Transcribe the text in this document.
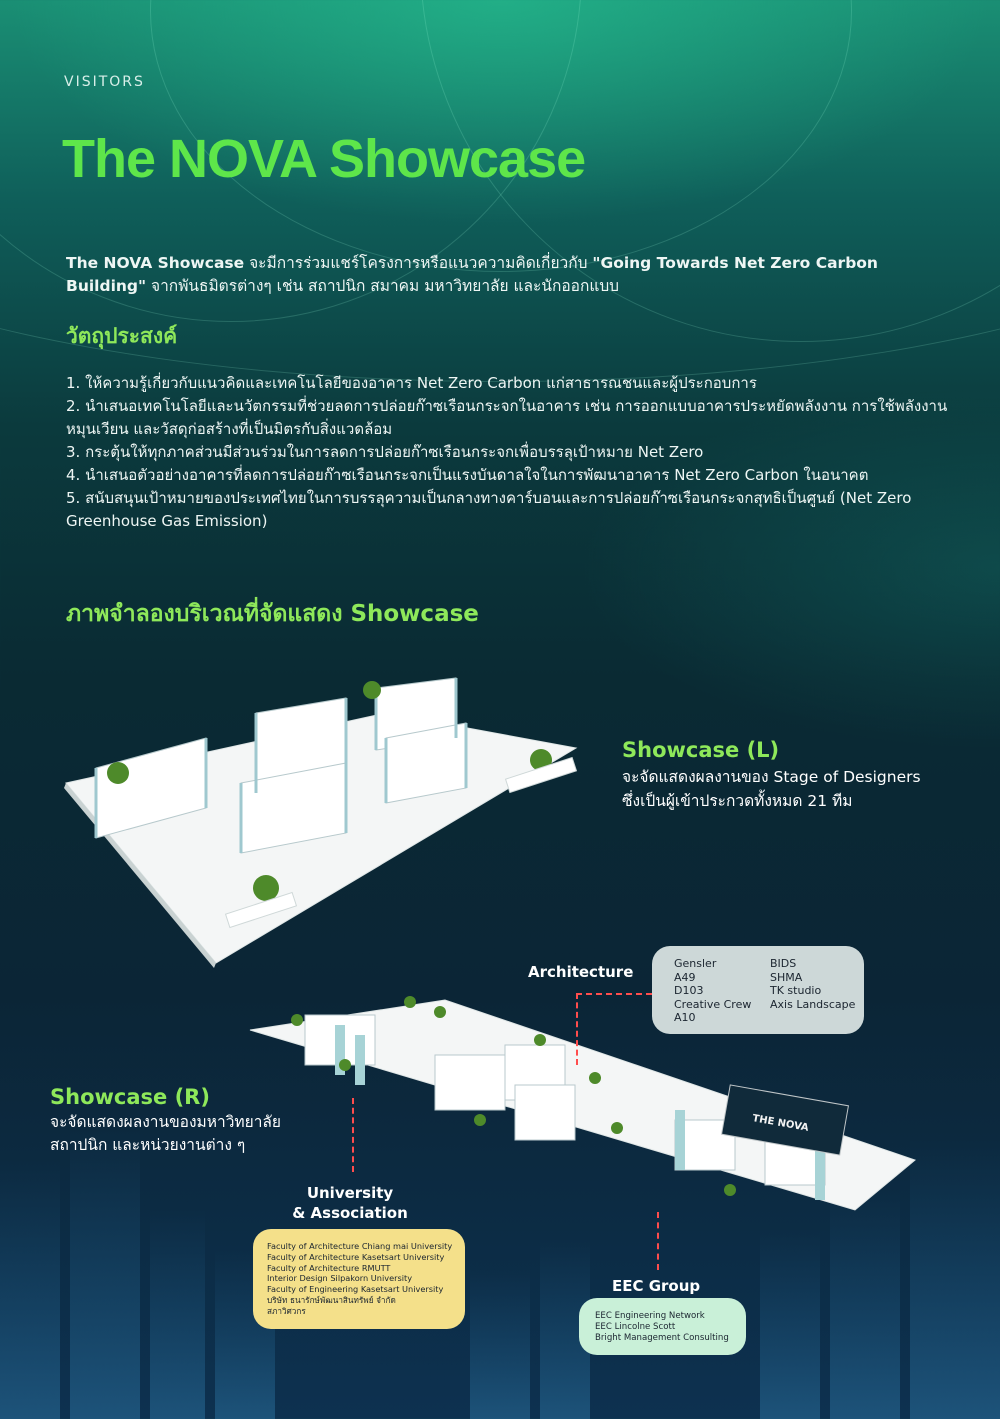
VISITORS
The NOVA Showcase
The NOVA Showcase จะมีการร่วมแชร์โครงการหรือแนวความคิดเกี่ยวกับ "Going Towards Net Zero Carbon Building" จากพันธมิตรต่างๆ เช่น สถาปนิก สมาคม มหาวิทยาลัย และนักออกแบบ
วัตถุประสงค์
1. ให้ความรู้เกี่ยวกับแนวคิดและเทคโนโลยีของอาคาร Net Zero Carbon แก่สาธารณชนและผู้ประกอบการ
2. นำเสนอเทคโนโลยีและนวัตกรรมที่ช่วยลดการปล่อยก๊าซเรือนกระจกในอาคาร เช่น การออกแบบอาคารประหยัดพลังงาน การใช้พลังงานหมุนเวียน และวัสดุก่อสร้างที่เป็นมิตรกับสิ่งแวดล้อม
3. กระตุ้นให้ทุกภาคส่วนมีส่วนร่วมในการลดการปล่อยก๊าซเรือนกระจกเพื่อบรรลุเป้าหมาย Net Zero
4. นำเสนอตัวอย่างอาคารที่ลดการปล่อยก๊าซเรือนกระจกเป็นแรงบันดาลใจในการพัฒนาอาคาร Net Zero Carbon ในอนาคต
5. สนับสนุนเป้าหมายของประเทศไทยในการบรรลุความเป็นกลางทางคาร์บอนและการปล่อยก๊าซเรือนกระจกสุทธิเป็นศูนย์ (Net Zero Greenhouse Gas Emission)
ภาพจำลองบริเวณที่จัดแสดง Showcase
Showcase (L)
จะจัดแสดงผลงานของ Stage of Designers
ซึ่งเป็นผู้เข้าประกวดทั้งหมด 21 ทีม
THE NOVA
Architecture	Gensler
A49
D103
Creative Crew
A10
BIDS
SHMA
TK studio
Axis Landscape
Showcase (R)
จะจัดแสดงผลงานของมหาวิทยาลัย
สถาปนิก และหน่วยงานต่าง ๆ
University
& Association
Faculty of Architecture Chiang mai University
Faculty of Architecture Kasetsart University
Faculty of Architecture RMUTT
Interior Design Silpakorn University
Faculty of Engineering Kasetsart University
บริษัท ธนารักษ์พัฒนาสินทรัพย์ จำกัด
สภาวิศวกร
EEC Group
EEC Engineering Network
EEC Lincolne Scott
Bright Management Consulting
